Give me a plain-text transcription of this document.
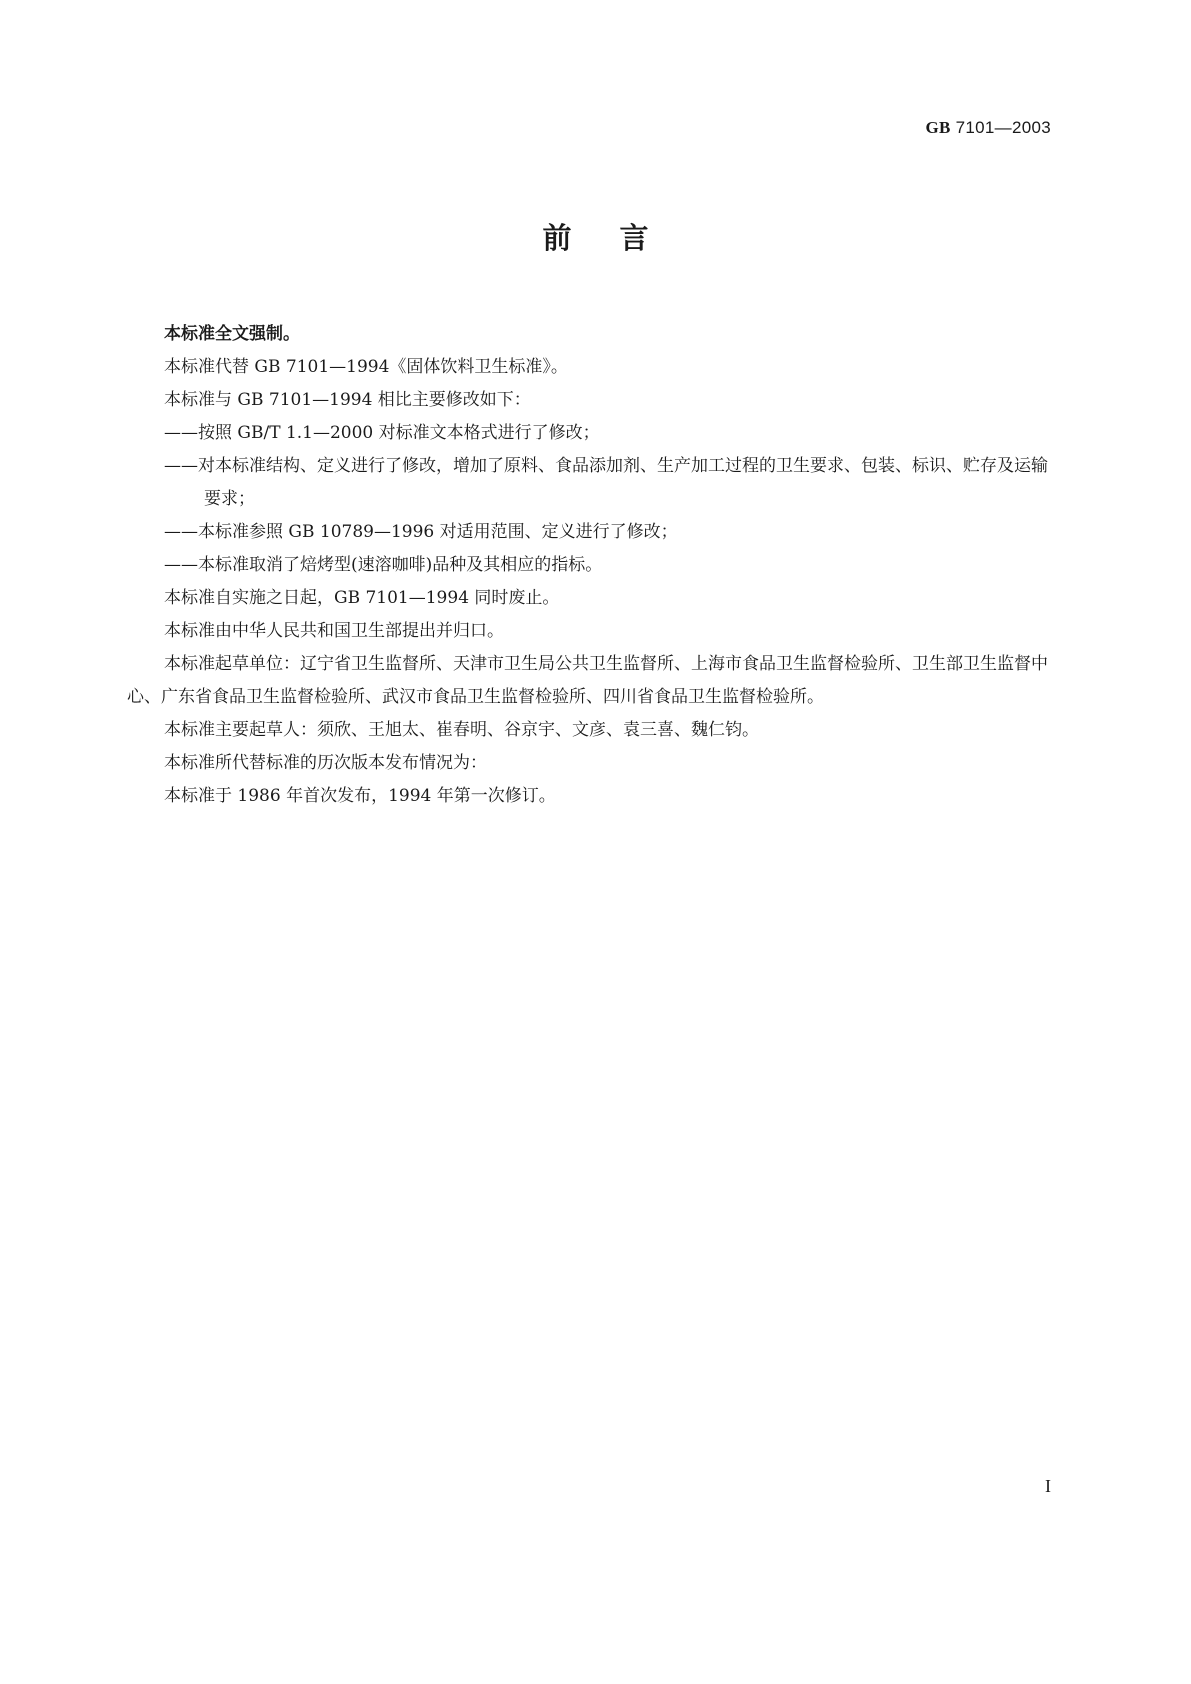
GB 7101—2003
前言

本标准全文强制。

本标准代替 GB 7101—1994《固体饮料卫生标准》。

本标准与 GB 7101—1994 相比主要修改如下：

——按照 GB/T 1.1—2000 对标准文本格式进行了修改；

——对本标准结构、定义进行了修改，增加了原料、食品添加剂、生产加工过程的卫生要求、包装、标识、贮存及运输要求；

——本标准参照 GB 10789—1996 对适用范围、定义进行了修改；

——本标准取消了焙烤型(速溶咖啡)品种及其相应的指标。

本标准自实施之日起，GB 7101—1994 同时废止。

本标准由中华人民共和国卫生部提出并归口。

本标准起草单位：辽宁省卫生监督所、天津市卫生局公共卫生监督所、上海市食品卫生监督检验所、卫生部卫生监督中心、广东省食品卫生监督检验所、武汉市食品卫生监督检验所、四川省食品卫生监督检验所。

本标准主要起草人：须欣、王旭太、崔春明、谷京宇、文彦、袁三喜、魏仁钧。

本标准所代替标准的历次版本发布情况为：

本标准于 1986 年首次发布，1994 年第一次修订。

I
